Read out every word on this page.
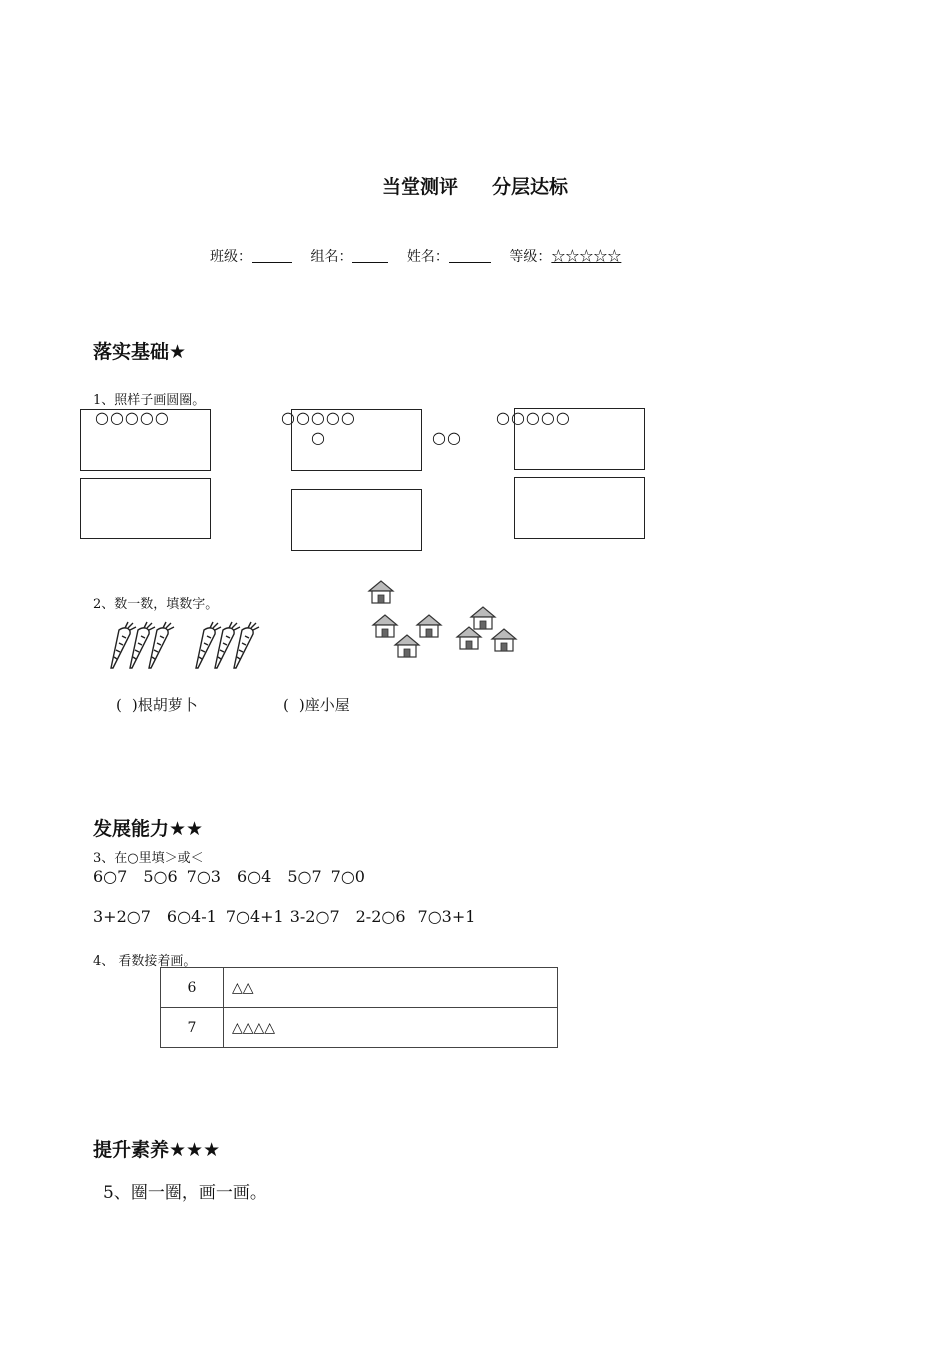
当堂测评 分层达标
班级：	组名：	姓名：	等级：☆☆☆☆☆
落实基础★
1、照样子画圆圈。
○○○○○	○○○○○
○	○○
○○○○○
2、数一数，填数字。
( )根胡萝卜	( )座小屋
发展能力★★
3、在○里填＞或＜
6○7 5○6 7○3 6○4 5○7 7○0
3+2○7 6○4-1 7○4+1 3-2○7 2-2○6 7○3+1
4、 看数接着画。
6	△△
7	△△△△
提升素养★★★
5、圈一圈，画一画。
